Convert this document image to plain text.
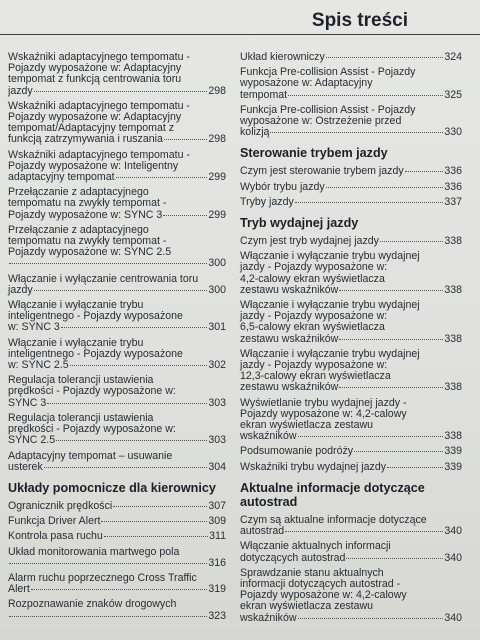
Spis treści
Wskaźniki adaptacyjnego tempomatu -
Pojazdy wyposażone w: Adaptacyjny
tempomat z funkcją centrowania toru
jazdy	298
Wskaźniki adaptacyjnego tempomatu -
Pojazdy wyposażone w: Adaptacyjny
tempomat/Adaptacyjny tempomat z
funkcją zatrzymywania i ruszania	298
Wskaźniki adaptacyjnego tempomatu -
Pojazdy wyposażone w: Inteligentny
adaptacyjny tempomat	299
Przełączanie z adaptacyjnego
tempomatu na zwykły tempomat -
Pojazdy wyposażone w: SYNC 3	299
Przełączanie z adaptacyjnego
tempomatu na zwykły tempomat -
Pojazdy wyposażone w: SYNC 2.5
300
Włączanie i wyłączanie centrowania toru
jazdy	300
Włączanie i wyłączanie trybu
inteligentnego - Pojazdy wyposażone
w: SYNC 3	301
Włączanie i wyłączanie trybu
inteligentnego - Pojazdy wyposażone
w: SYNC 2.5	302
Regulacja tolerancji ustawienia
prędkości - Pojazdy wyposażone w:
SYNC 3	303
Regulacja tolerancji ustawienia
prędkości - Pojazdy wyposażone w:
SYNC 2.5	303
Adaptacyjny tempomat – usuwanie
usterek	304
Układy pomocnicze dla kierownicy
Ogranicznik prędkości	307
Funkcja Driver Alert	309
Kontrola pasa ruchu	311
Układ monitorowania martwego pola
316
Alarm ruchu poprzecznego Cross Traffic
Alert	319
Rozpoznawanie znaków drogowych
323
Układ kierowniczy	324
Funkcja Pre-collision Assist - Pojazdy
wyposażone w: Adaptacyjny
tempomat	325
Funkcja Pre-collision Assist - Pojazdy
wyposażone w: Ostrzeżenie przed
kolizją	330
Sterowanie trybem jazdy
Czym jest sterowanie trybem jazdy	336
Wybór trybu jazdy	336
Tryby jazdy	337
Tryb wydajnej jazdy
Czym jest tryb wydajnej jazdy	338
Włączanie i wyłączanie trybu wydajnej
jazdy - Pojazdy wyposażone w:
4,2-calowy ekran wyświetlacza
zestawu wskaźników	338
Włączanie i wyłączanie trybu wydajnej
jazdy - Pojazdy wyposażone w:
6,5-calowy ekran wyświetlacza
zestawu wskaźników	338
Włączanie i wyłączanie trybu wydajnej
jazdy - Pojazdy wyposażone w:
12,3-calowy ekran wyświetlacza
zestawu wskaźników	338
Wyświetlanie trybu wydajnej jazdy -
Pojazdy wyposażone w: 4,2-calowy
ekran wyświetlacza zestawu
wskaźników	338
Podsumowanie podróży	339
Wskaźniki trybu wydajnej jazdy	339
Aktualne informacje dotyczące autostrad
Czym są aktualne informacje dotyczące
autostrad	340
Włączanie aktualnych informacji
dotyczących autostrad	340
Sprawdzanie stanu aktualnych
informacji dotyczących autostrad -
Pojazdy wyposażone w: 4,2-calowy
ekran wyświetlacza zestawu
wskaźników	340
